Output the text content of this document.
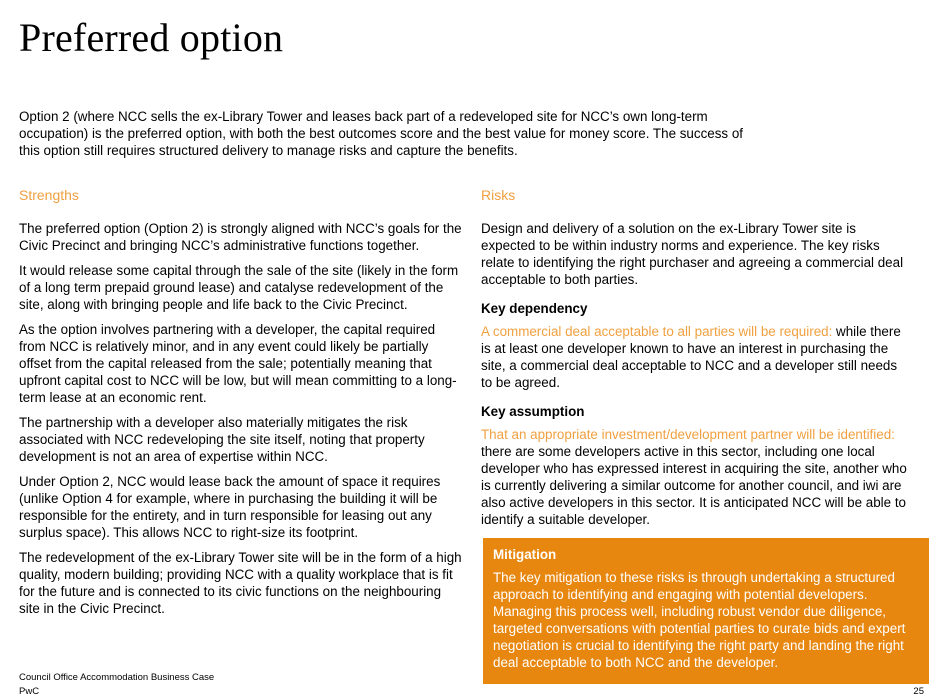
Preferred option

Option 2 (where NCC sells the ex-Library Tower and leases back part of a redeveloped site for NCC’s own long-term occupation) is the preferred option, with both the best outcomes score and the best value for money score. The success of this option still requires structured delivery to manage risks and capture the benefits.

Strengths

The preferred option (Option 2) is strongly aligned with NCC’s goals for the Civic Precinct and bringing NCC’s administrative functions together.

It would release some capital through the sale of the site (likely in the form of a long term prepaid ground lease) and catalyse redevelopment of the site, along with bringing people and life back to the Civic Precinct.

As the option involves partnering with a developer, the capital required from NCC is relatively minor, and in any event could likely be partially offset from the capital released from the sale; potentially meaning that upfront capital cost to NCC will be low, but will mean committing to a long-term lease at an economic rent.

The partnership with a developer also materially mitigates the risk associated with NCC redeveloping the site itself, noting that property development is not an area of expertise within NCC.

Under Option 2, NCC would lease back the amount of space it requires (unlike Option 4 for example, where in purchasing the building it will be responsible for the entirety, and in turn responsible for leasing out any surplus space). This allows NCC to right-size its footprint.

The redevelopment of the ex-Library Tower site will be in the form of a high quality, modern building; providing NCC with a quality workplace that is fit for the future and is connected to its civic functions on the neighbouring site in the Civic Precinct.

Risks

Design and delivery of a solution on the ex-Library Tower site is expected to be within industry norms and experience. The key risks relate to identifying the right purchaser and agreeing a commercial deal acceptable to both parties.

Key dependency

A commercial deal acceptable to all parties will be required: while there is at least one developer known to have an interest in purchasing the site, a commercial deal acceptable to NCC and a developer still needs to be agreed.

Key assumption

That an appropriate investment/development partner will be identified: there are some developers active in this sector, including one local developer who has expressed interest in acquiring the site, another who is currently delivering a similar outcome for another council, and iwi are also active developers in this sector. It is anticipated NCC will be able to identify a suitable developer.

Mitigation

The key mitigation to these risks is through undertaking a structured approach to identifying and engaging with potential developers. Managing this process well, including robust vendor due diligence, targeted conversations with potential parties to curate bids and expert negotiation is crucial to identifying the right party and landing the right deal acceptable to both NCC and the developer.

Council Office Accommodation Business Case

PwC	25
